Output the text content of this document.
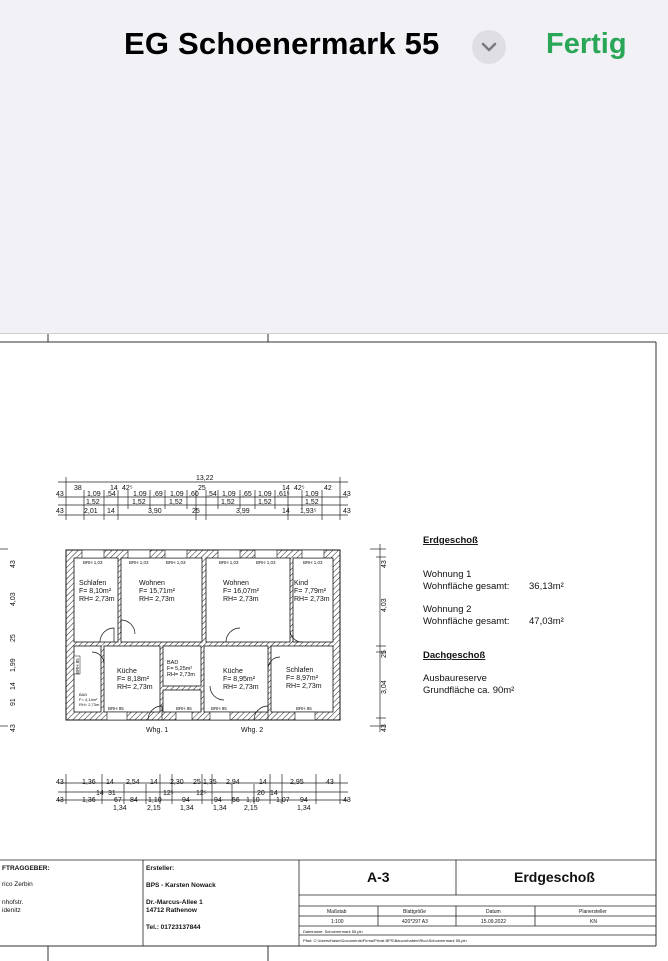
EG Schoenermark 55	Fertig
13,22
38	14 42⁵	14 42⁵	42
25
43	1,09 ,54 1,09 ,69 1,09 ,60 ,54 1,09 ,65 1,09 ,61⁵ 1,09	43
1,52	1,52	1,52	1,52	1,52	1,52
43	2,01 14	3,90	25	3,99	14 1,93⁵	43
43
4,03
25
1,99
14
91
43
43
4,03
25
3,04
43
BRH 1,03	BRH 1,03	BRH 1,03	BRH 1,03	BRH 1,03	BRH 1,03
BRH 85	BRH 85	BRH 85	BRH 85
BRH 85
Schlafen
F= 8,10m²
RH= 2,73m
Wohnen
F= 15,71m²
RH= 2,73m
Wohnen
F= 16,07m²
RH= 2,73m
Kind
F= 7,79m²
RH= 2,73m
Küche
F= 8,18m²
RH= 2,73m
Küche
F= 8,95m²
RH= 2,73m
Schlafen
F= 8,97m²
RH= 2,73m
BAD
F= 5,25m²
RH= 2,73m
BAD
F= 4,14m²
RH= 2,73m
Whg. 1	Whg. 2
43	1,36 14 2,54 14 2,30 25 1,35 2,94	14	2,95	43
14 31	12⁵	12⁵	20 14
43	1,36	67 84 1,10	94	94 56 1,10 1,07 94	43
1,34	2,15	1,34	1,34 2,15	1,34
Erdgeschoß
Wohnung 1
Wohnfläche gesamt: 36,13m²
Wohnung 2
Wohnfläche gesamt: 47,03m²
Dachgeschoß
Ausbaureserve
Grundfläche ca. 90m²
FTRAGGEBER:
rico Zerbin
nhofstr.
idenitz
Ersteller:
BPS - Karsten Nowack
Dr.-Marcus-Allee 1
14712 Rathenow
Tel.: 01723137844
A-3	Erdgeschoß
Maßstab	Blattgröße	Datum	Planersteller
1:100	420*297 A3	15.09.2022	KN
Dateiname: Schoenermark 55.pln
Pfad: C:\Users\Hasin\Documents\Firma\Privat BPS\Bauvorhaben\Rico\Schoenermark 55.pln
